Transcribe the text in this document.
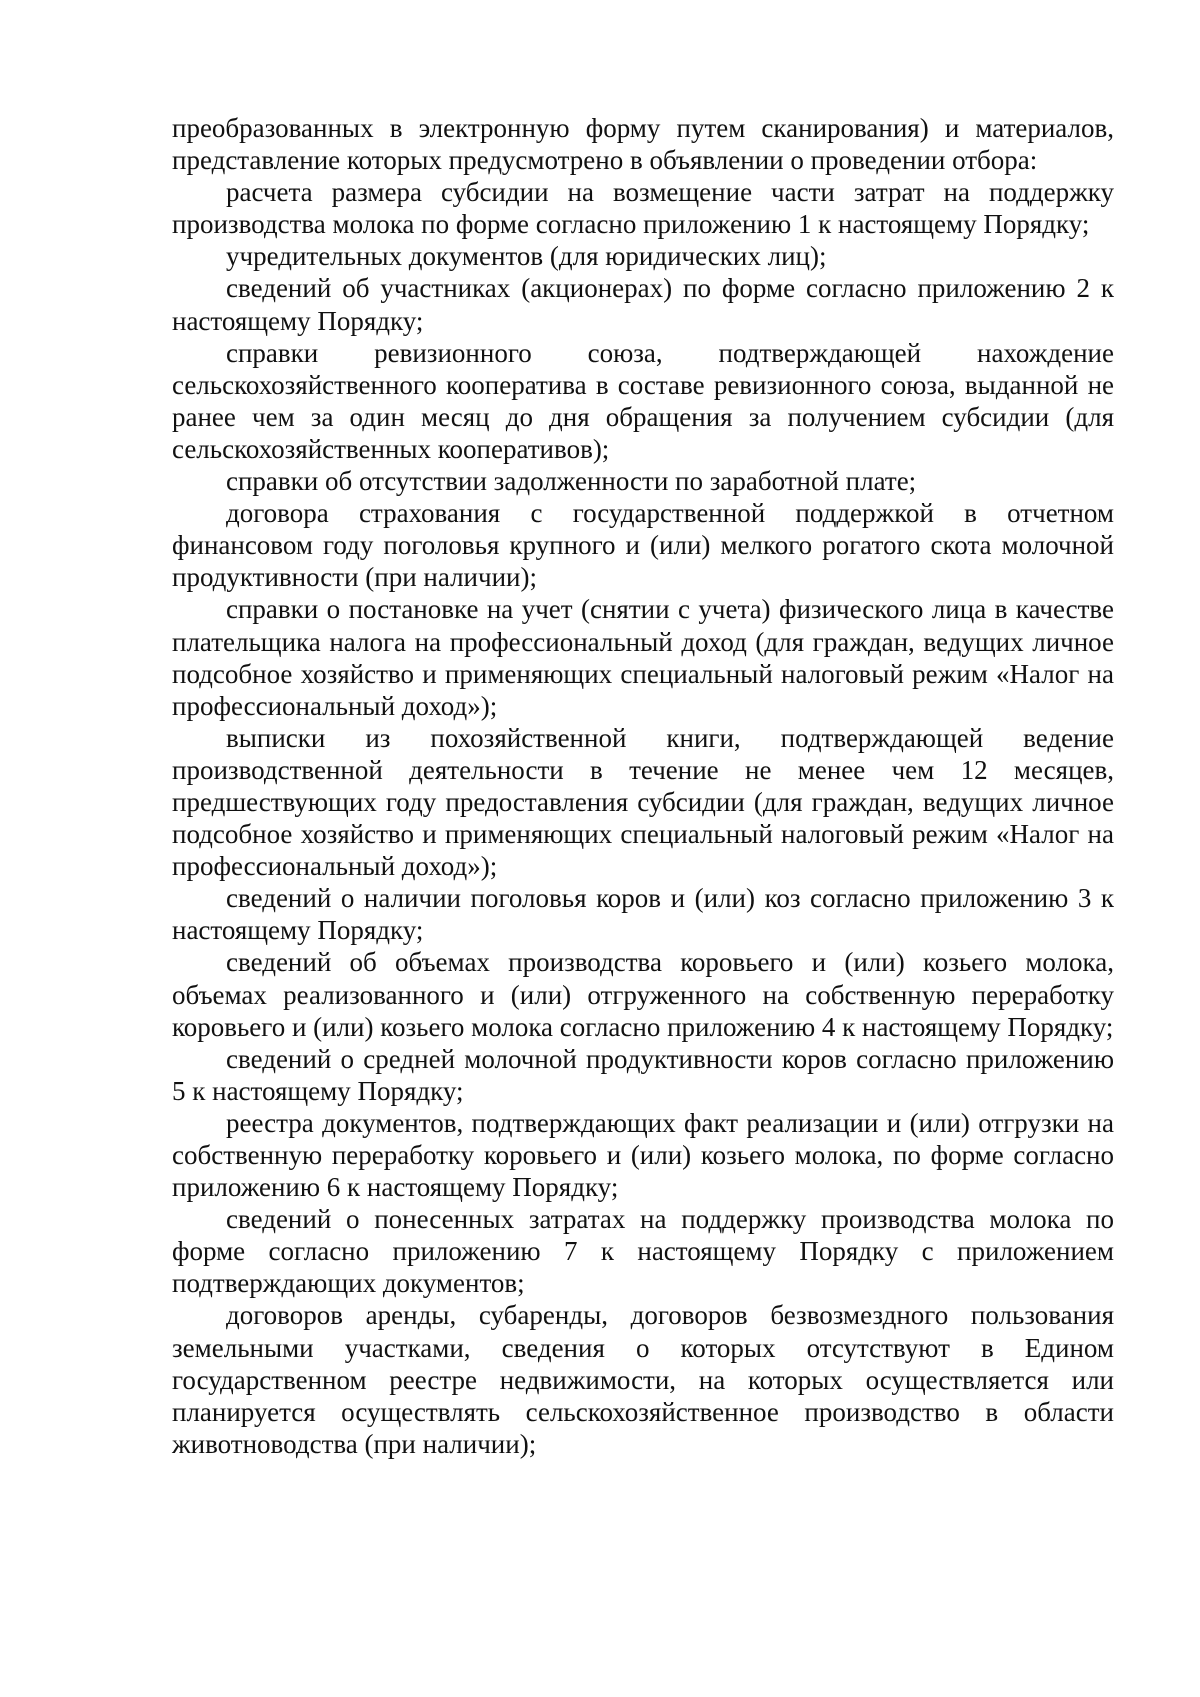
преобразованных в электронную форму путем сканирования) и материалов, представление которых предусмотрено в объявлении о проведении отбора:

расчета размера субсидии на возмещение части затрат на поддержку производства молока по форме согласно приложению 1 к настоящему Порядку;

учредительных документов (для юридических лиц);

сведений об участниках (акционерах) по форме согласно приложению 2 к настоящему Порядку;

справки ревизионного союза, подтверждающей нахождение сельскохозяйственного кооператива в составе ревизионного союза, выданной не ранее чем за один месяц до дня обращения за получением субсидии (для сельскохозяйственных кооперативов);

справки об отсутствии задолженности по заработной плате;

договора страхования с государственной поддержкой в отчетном финансовом году поголовья крупного и (или) мелкого рогатого скота молочной продуктивности (при наличии);

справки о постановке на учет (снятии с учета) физического лица в качестве плательщика налога на профессиональный доход (для граждан, ведущих личное подсобное хозяйство и применяющих специальный налоговый режим «Налог на профессиональный доход»);

выписки из похозяйственной книги, подтверждающей ведение производственной деятельности в течение не менее чем 12 месяцев, предшествующих году предоставления субсидии (для граждан, ведущих личное подсобное хозяйство и применяющих специальный налоговый режим «Налог на профессиональный доход»);

сведений о наличии поголовья коров и (или) коз согласно приложению 3 к настоящему Порядку;

сведений об объемах производства коровьего и (или) козьего молока, объемах реализованного и (или) отгруженного на собственную переработку коровьего и (или) козьего молока согласно приложению 4 к настоящему Порядку;

сведений о средней молочной продуктивности коров согласно приложению 5 к настоящему Порядку;

реестра документов, подтверждающих факт реализации и (или) отгрузки на собственную переработку коровьего и (или) козьего молока, по форме согласно приложению 6 к настоящему Порядку;

сведений о понесенных затратах на поддержку производства молока по форме согласно приложению 7 к настоящему Порядку с приложением подтверждающих документов;

договоров аренды, субаренды, договоров безвозмездного пользования земельными участками, сведения о которых отсутствуют в Едином государственном реестре недвижимости, на которых осуществляется или планируется осуществлять сельскохозяйственное производство в области животноводства (при наличии);
